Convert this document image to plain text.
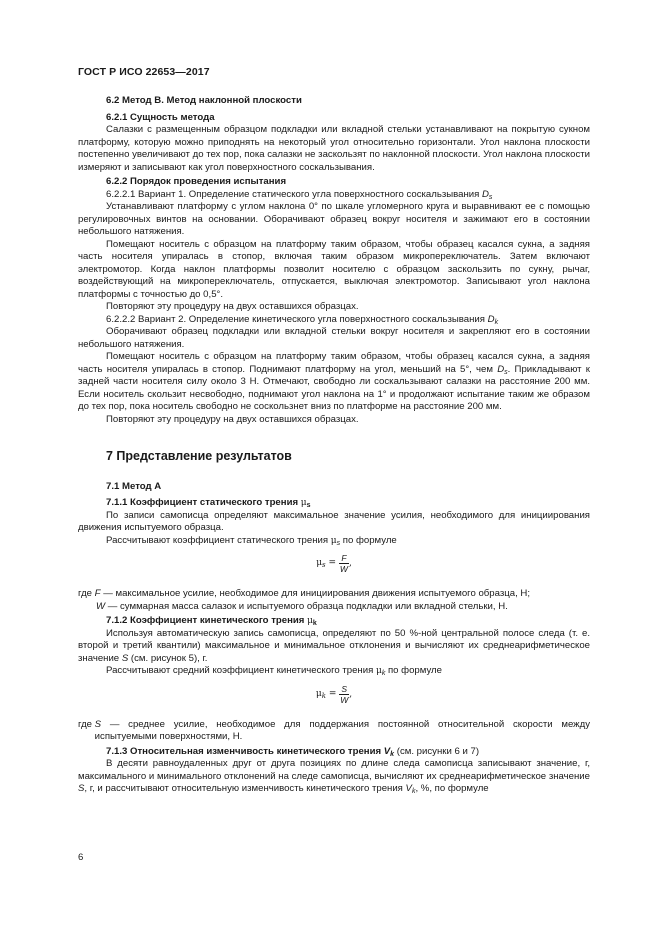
ГОСТ Р ИСО 22653—2017

6.2 Метод В. Метод наклонной плоскости

6.2.1 Сущность метода

Салазки с размещенным образцом подкладки или вкладной стельки устанавливают на покрытую сукном платформу, которую можно приподнять на некоторый угол относительно горизонтали. Угол наклона плоскости постепенно увеличивают до тех пор, пока салазки не заскользят по наклонной плоскости. Угол наклона плоскости измеряют и записывают как угол поверхностного соскальзывания.

6.2.2 Порядок проведения испытания

6.2.2.1 Вариант 1. Определение статического угла поверхностного соскальзывания $D_s$

Устанавливают платформу с углом наклона 0° по шкале угломерного круга и выравнивают ее с помощью регулировочных винтов на основании. Оборачивают образец вокруг носителя и зажимают его в состоянии небольшого натяжения.

Помещают носитель с образцом на платформу таким образом, чтобы образец касался сукна, а задняя часть носителя упиралась в стопор, включая таким образом микропереключатель. Затем включают электромотор. Когда наклон платформы позволит носителю с образцом заскользить по сукну, рычаг, воздействующий на микропереключатель, отпускается, выключая электромотор. Записывают угол наклона платформы с точностью до 0,5°.

Повторяют эту процедуру на двух оставшихся образцах.

6.2.2.2 Вариант 2. Определение кинетического угла поверхностного соскальзывания $D_k$

Оборачивают образец подкладки или вкладной стельки вокруг носителя и закрепляют его в состоянии небольшого натяжения.

Помещают носитель с образцом на платформу таким образом, чтобы образец касался сукна, а задняя часть носителя упиралась в стопор. Поднимают платформу на угол, меньший на 5°, чем $D_s$. Прикладывают к задней части носителя силу около 3 Н. Отмечают, свободно ли соскальзывают салазки на расстояние 200 мм. Если носитель скользит несвободно, поднимают угол наклона на 1° и продолжают испытание таким же образом до тех пор, пока носитель свободно не соскользнет вниз по платформе на расстояние 200 мм.

Повторяют эту процедуру на двух оставшихся образцах.

7 Представление результатов

7.1 Метод А

7.1.1 Коэффициент статического трения $\mu_s$

По записи самописца определяют максимальное значение усилия, необходимого для инициирования движения испытуемого образца.

Рассчитывают коэффициент статического трения $\mu_s$ по формуле

$\mu_s = \frac{F}{W}$ ,
где F — максимальное усилие, необходимое для инициирования движения испытуемого образца, Н;
W — суммарная масса салазок и испытуемого образца подкладки или вкладной стельки, Н.

7.1.2 Коэффициент кинетического трения $\mu_k$

Используя автоматическую запись самописца, определяют по 50 %-ной центральной полосе следа (т. е. второй и третий квантили) максимальное и минимальное отклонения и вычисляют их среднеарифметическое значение S (см. рисунок 5), г.

Рассчитывают средний коэффициент кинетического трения $\mu_k$ по формуле

$\mu_k = \frac{S}{W}$ ,
где S — среднее усилие, необходимое для поддержания постоянной относительной скорости между испытуемыми поверхностями, Н.

7.1.3 Относительная изменчивость кинетического трения $V_k$ (см. рисунки 6 и 7)

В десяти равноудаленных друг от друга позициях по длине следа самописца записывают значение, г, максимального и минимального отклонений на следе самописца, вычисляют их среднеарифметическое значение S, г, и рассчитывают относительную изменчивость кинетического трения $V_k$, %, по формуле

6
